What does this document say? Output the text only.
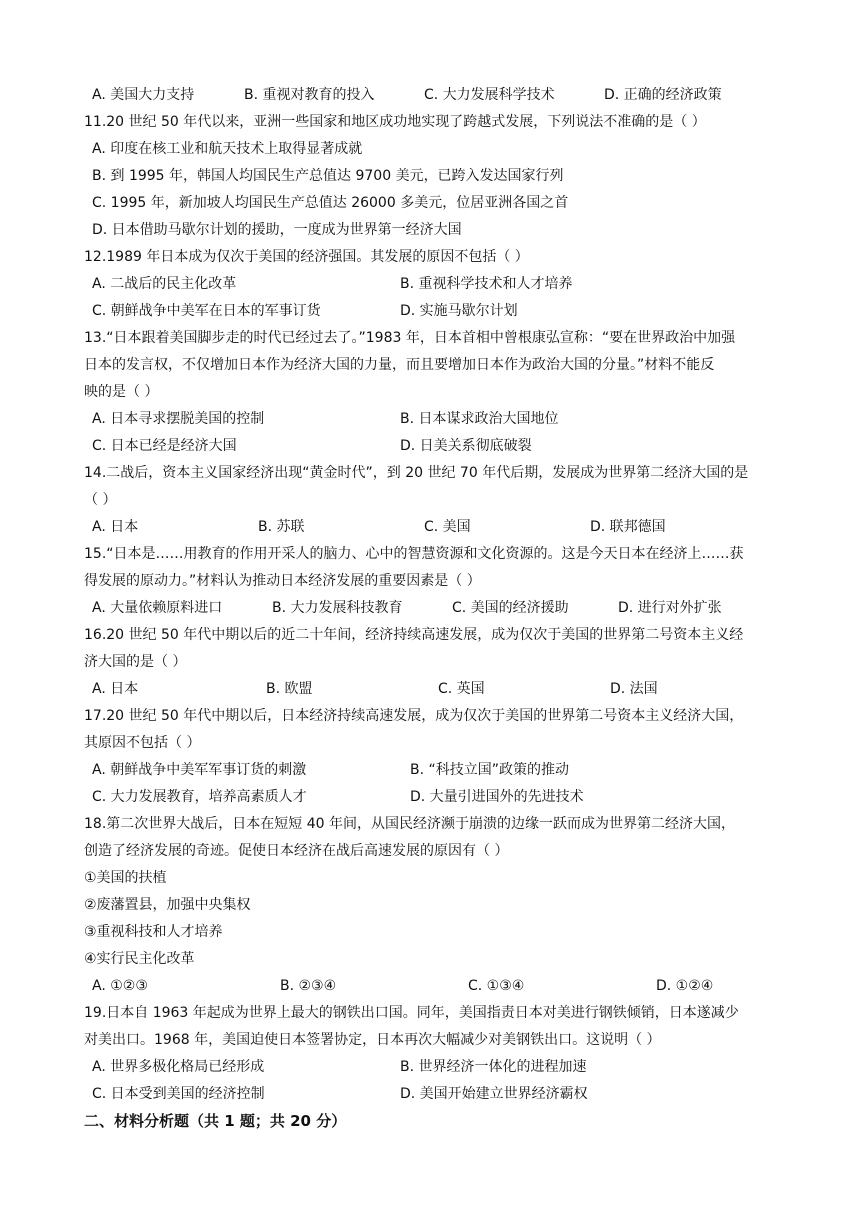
A. 美国大力支持	B. 重视对教育的投入	C. 大力发展科学技术	D. 正确的经济政策
11.20 世纪 50 年代以来，亚洲一些国家和地区成功地实现了跨越式发展，下列说法不准确的是（ ）
A. 印度在核工业和航天技术上取得显著成就
B. 到 1995 年，韩国人均国民生产总值达 9700 美元，已跨入发达国家行列
C. 1995 年，新加坡人均国民生产总值达 26000 多美元，位居亚洲各国之首
D. 日本借助马歇尔计划的援助，一度成为世界第一经济大国
12.1989 年日本成为仅次于美国的经济强国。其发展的原因不包括（ ）
A. 二战后的民主化改革	B. 重视科学技术和人才培养
C. 朝鲜战争中美军在日本的军事订货	D. 实施马歇尔计划
13.“日本跟着美国脚步走的时代已经过去了。”1983 年，日本首相中曾根康弘宣称：“要在世界政治中加强
日本的发言权，不仅增加日本作为经济大国的力量，而且要增加日本作为政治大国的分量。”材料不能反
映的是（ ）
A. 日本寻求摆脱美国的控制	B. 日本谋求政治大国地位
C. 日本已经是经济大国	D. 日美关系彻底破裂
14.二战后，资本主义国家经济出现“黄金时代”，到 20 世纪 70 年代后期，发展成为世界第二经济大国的是
（ ）
A. 日本	B. 苏联	C. 美国	D. 联邦德国
15.“日本是……用教育的作用开采人的脑力、心中的智慧资源和文化资源的。这是今天日本在经济上……获
得发展的原动力。”材料认为推动日本经济发展的重要因素是（ ）
A. 大量依赖原料进口	B. 大力发展科技教育	C. 美国的经济援助	D. 进行对外扩张
16.20 世纪 50 年代中期以后的近二十年间，经济持续高速发展，成为仅次于美国的世界第二号资本主义经
济大国的是（ ）
A. 日本	B. 欧盟	C. 英国	D. 法国
17.20 世纪 50 年代中期以后，日本经济持续高速发展，成为仅次于美国的世界第二号资本主义经济大国，
其原因不包括（ ）
A. 朝鲜战争中美军军事订货的刺激	B. “科技立国”政策的推动
C. 大力发展教育，培养高素质人才	D. 大量引进国外的先进技术
18.第二次世界大战后，日本在短短 40 年间，从国民经济濒于崩溃的边缘一跃而成为世界第二经济大国，
创造了经济发展的奇迹。促使日本经济在战后高速发展的原因有（ ）
①美国的扶植
②废藩置县，加强中央集权
③重视科技和人才培养
④实行民主化改革
A. ①②③	B. ②③④	C. ①③④	D. ①②④
19.日本自 1963 年起成为世界上最大的钢铁出口国。同年，美国指责日本对美进行钢铁倾销，日本遂减少
对美出口。1968 年，美国迫使日本签署协定，日本再次大幅减少对美钢铁出口。这说明（ ）
A. 世界多极化格局已经形成	B. 世界经济一体化的进程加速
C. 日本受到美国的经济控制	D. 美国开始建立世界经济霸权
二、材料分析题（共 1 题；共 20 分）
